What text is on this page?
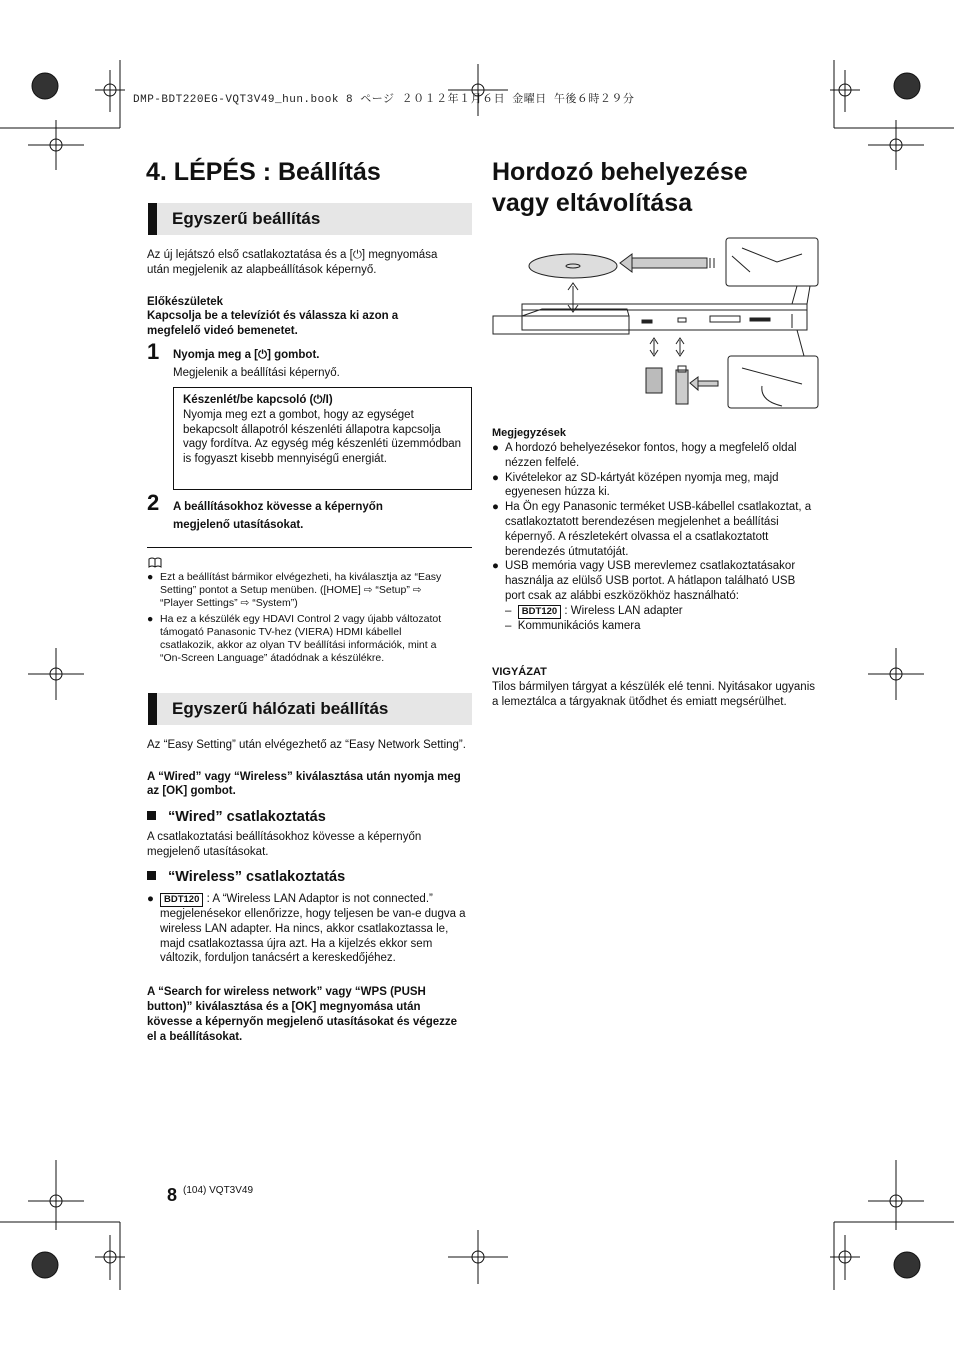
DMP-BDT220EG-VQT3V49_hun.book 8 ページ ２０１２年１月６日 金曜日 午後６時２９分
4. LÉPÉS : Beállítás
Egyszerű beállítás
Az új lejátszó első csatlakoztatása és a [⏻] megnyomása után megjelenik az alapbeállítások képernyő.
Előkészületek
Kapcsolja be a televíziót és válassza ki azon a megfelelő videó bemenetet.
1 Nyomja meg a [⏻] gombot.
Megjelenik a beállítási képernyő.
Készenlét/be kapcsoló (⏻/I)
Nyomja meg ezt a gombot, hogy az egységet bekapcsolt állapotról készenléti állapotra kapcsolja vagy fordítva. Az egység még készenléti üzemmódban is fogyaszt kisebb mennyiségű energiát.
2 A beállításokhoz kövesse a képernyőn megjelenő utasításokat.
● Ezt a beállítást bármikor elvégezheti, ha kiválasztja az “Easy Setting” pontot a Setup menüben. ([HOME] ⇨ “Setup” ⇨ “Player Settings” ⇨ “System”)
● Ha ez a készülék egy HDAVI Control 2 vagy újabb változatot támogató Panasonic TV-hez (VIERA) HDMI kábellel csatlakozik, akkor az olyan TV beállítási információk, mint a “On-Screen Language” átadódnak a készülékre.
Egyszerű hálózati beállítás
Az “Easy Setting” után elvégezhető az “Easy Network Setting”.
A “Wired” vagy “Wireless” kiválasztása után nyomja meg az [OK] gombot.
“Wired” csatlakoztatás
A csatlakoztatási beállításokhoz kövesse a képernyőn megjelenő utasításokat.
“Wireless” csatlakoztatás
● BDT120 : A “Wireless LAN Adaptor is not connected.” megjelenésekor ellenőrizze, hogy teljesen be van-e dugva a wireless LAN adapter. Ha nincs, akkor csatlakoztassa le, majd csatlakoztassa újra azt. Ha a kijelzés ekkor sem változik, forduljon tanácsért a kereskedőjéhez.
A “Search for wireless network” vagy “WPS (PUSH button)” kiválasztása és a [OK] megnyomása után kövesse a képernyőn megjelenő utasításokat és végezze el a beállításokat.
Hordozó behelyezése
vagy eltávolítása
Megjegyzések
● A hordozó behelyezésekor fontos, hogy a megfelelő oldal nézzen felfelé.
● Kivételekor az SD-kártyát középen nyomja meg, majd egyenesen húzza ki.
● Ha Ön egy Panasonic terméket USB-kábellel csatlakoztat, a csatlakoztatott berendezésen megjelenhet a beállítási képernyő. A részletekért olvassa el a csatlakoztatott berendezés útmutatóját.
● USB memória vagy USB merevlemez csatlakoztatásakor használja az elülső USB portot. A hátlapon található USB port csak az alábbi eszközökhöz használható:
–  BDT120 : Wireless LAN adapter
–  Kommunikációs kamera
VIGYÁZAT
Tilos bármilyen tárgyat a készülék elé tenni. Nyitásakor ugyanis a lemeztálca a tárgyaknak ütődhet és emiatt megsérülhet.
8 (104) VQT3V49
